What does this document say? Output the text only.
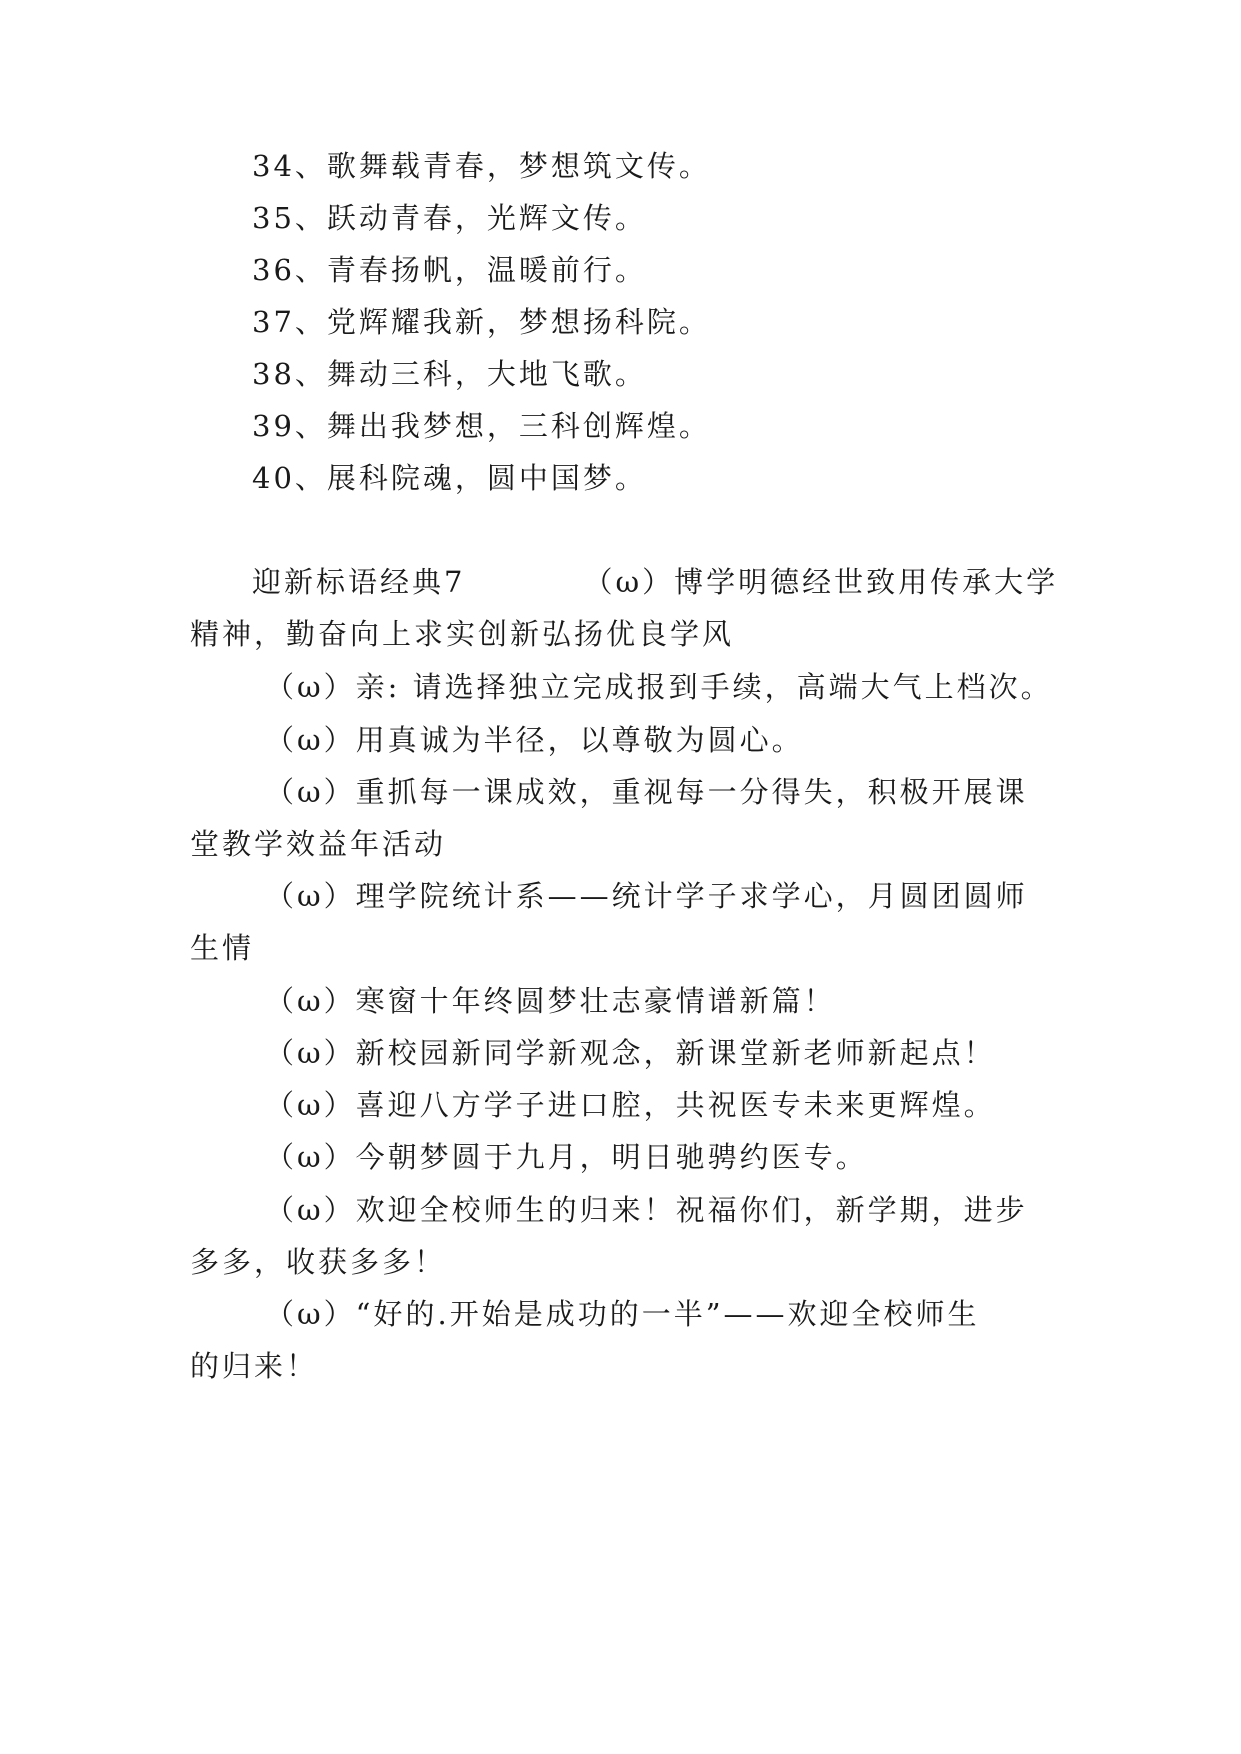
34、歌舞载青春，梦想筑文传。
35、跃动青春，光辉文传。
36、青春扬帆，温暖前行。
37、党辉耀我新，梦想扬科院。
38、舞动三科，大地飞歌。
39、舞出我梦想，三科创辉煌。
40、展科院魂，圆中国梦。
迎新标语经典7	（ω）博学明德经世致用传承大学
精神，勤奋向上求实创新弘扬优良学风
（ω）亲: 请选择独立完成报到手续，高端大气上档次。
（ω）用真诚为半径，以尊敬为圆心。
（ω）重抓每一课成效，重视每一分得失，积极开展课
堂教学效益年活动
（ω）理学院统计系——统计学子求学心，月圆团圆师
生情
（ω）寒窗十年终圆梦壮志豪情谱新篇！
（ω）新校园新同学新观念，新课堂新老师新起点！
（ω）喜迎八方学子进口腔，共祝医专未来更辉煌。
（ω）今朝梦圆于九月，明日驰骋约医专。
（ω）欢迎全校师生的归来！祝福你们，新学期，进步
多多，收获多多！
（ω）“好的.开始是成功的一半”——欢迎全校师生
的归来！
